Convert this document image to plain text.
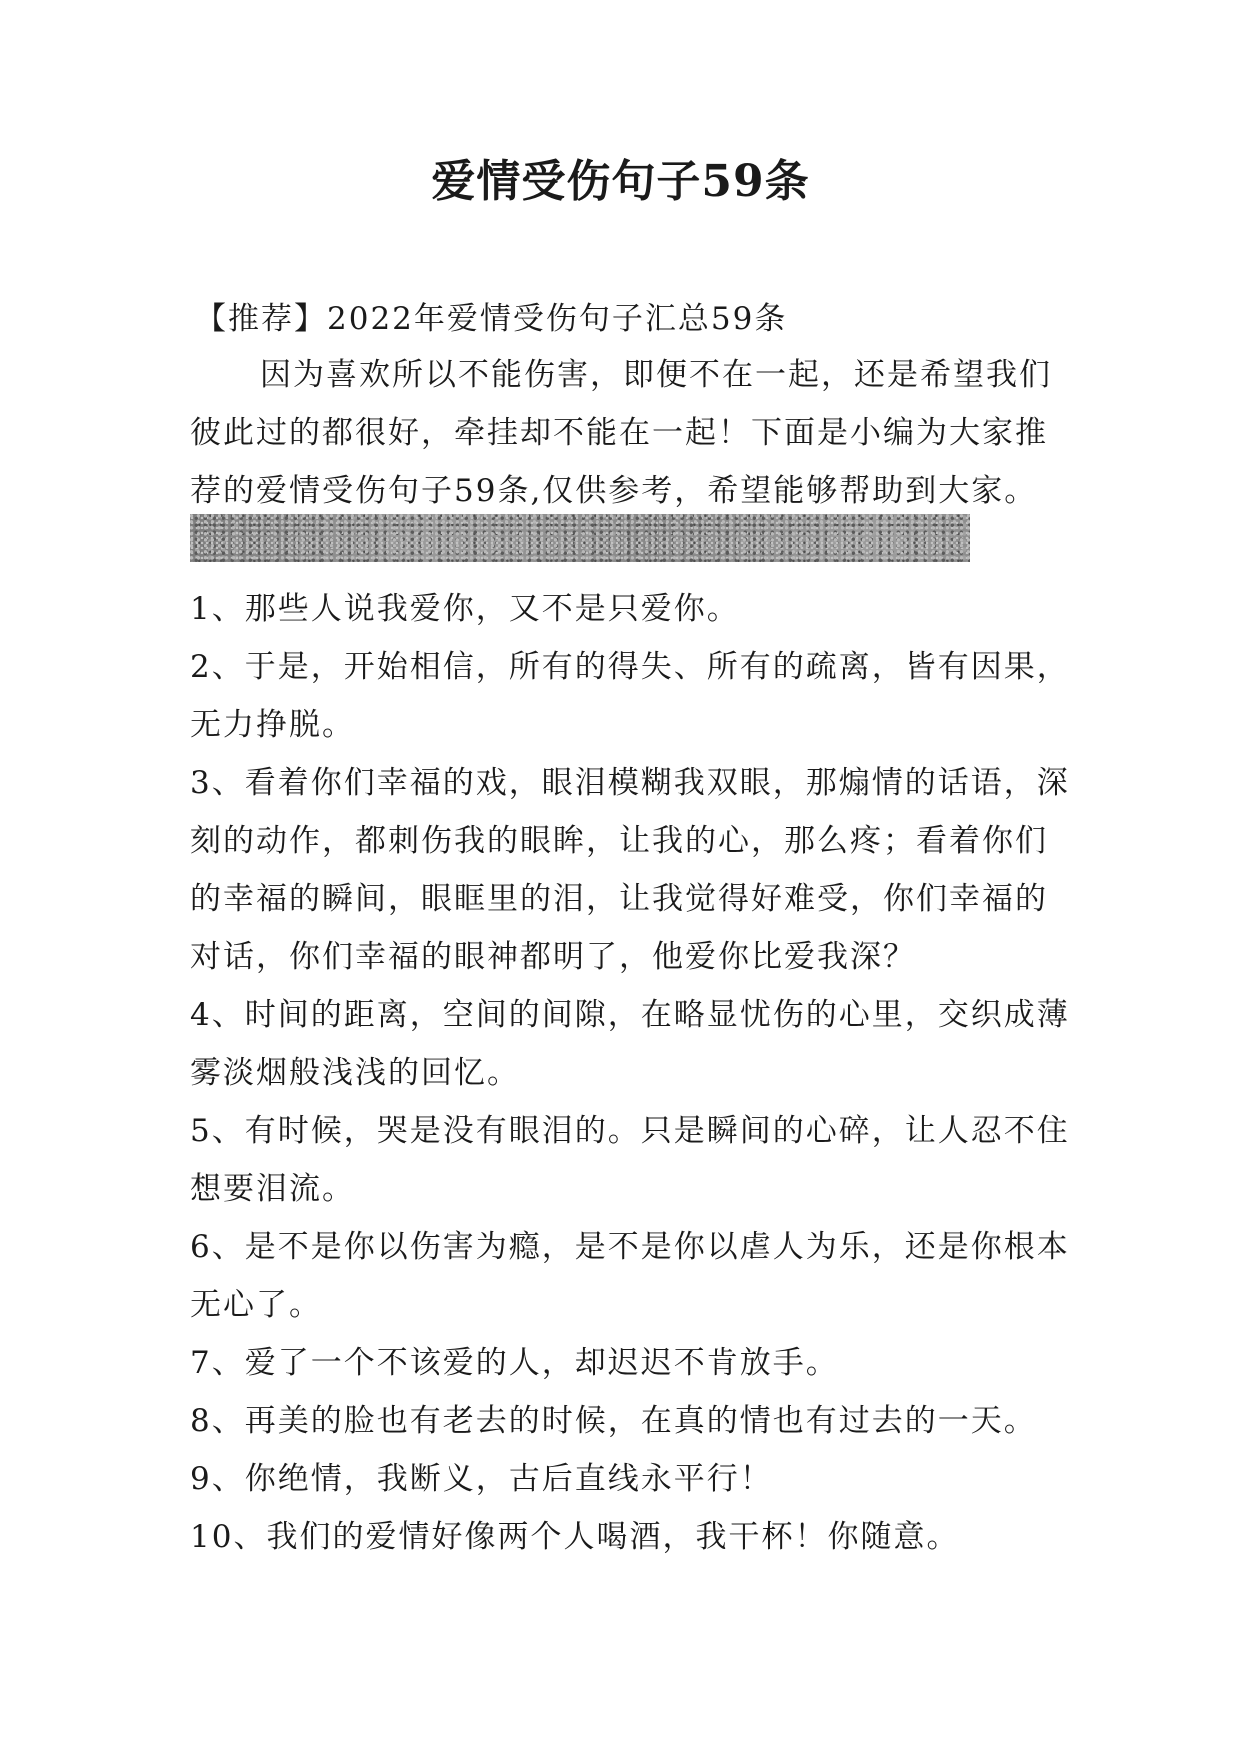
爱情受伤句子59条
【推荐】2022年爱情受伤句子汇总59条
因为喜欢所以不能伤害，即便不在一起，还是希望我们彼此过的都很好，牵挂却不能在一起！下面是小编为大家推荐的爱情受伤句子59条,仅供参考，希望能够帮助到大家。

1、那些人说我爱你，又不是只爱你。

2、于是，开始相信，所有的得失、所有的疏离，皆有因果，无力挣脱。

3、看着你们幸福的戏，眼泪模糊我双眼，那煽情的话语，深刻的动作，都刺伤我的眼眸，让我的心，那么疼；看着你们的幸福的瞬间，眼眶里的泪，让我觉得好难受，你们幸福的对话，你们幸福的眼神都明了，他爱你比爱我深？

4、时间的距离，空间的间隙，在略显忧伤的心里，交织成薄雾淡烟般浅浅的回忆。

5、有时候，哭是没有眼泪的。只是瞬间的心碎，让人忍不住想要泪流。

6、是不是你以伤害为瘾，是不是你以虐人为乐，还是你根本无心了。

7、爱了一个不该爱的人，却迟迟不肯放手。

8、再美的脸也有老去的时候，在真的情也有过去的一天。

9、你绝情，我断义，古后直线永平行！

10、我们的爱情好像两个人喝酒，我干杯！你随意。
